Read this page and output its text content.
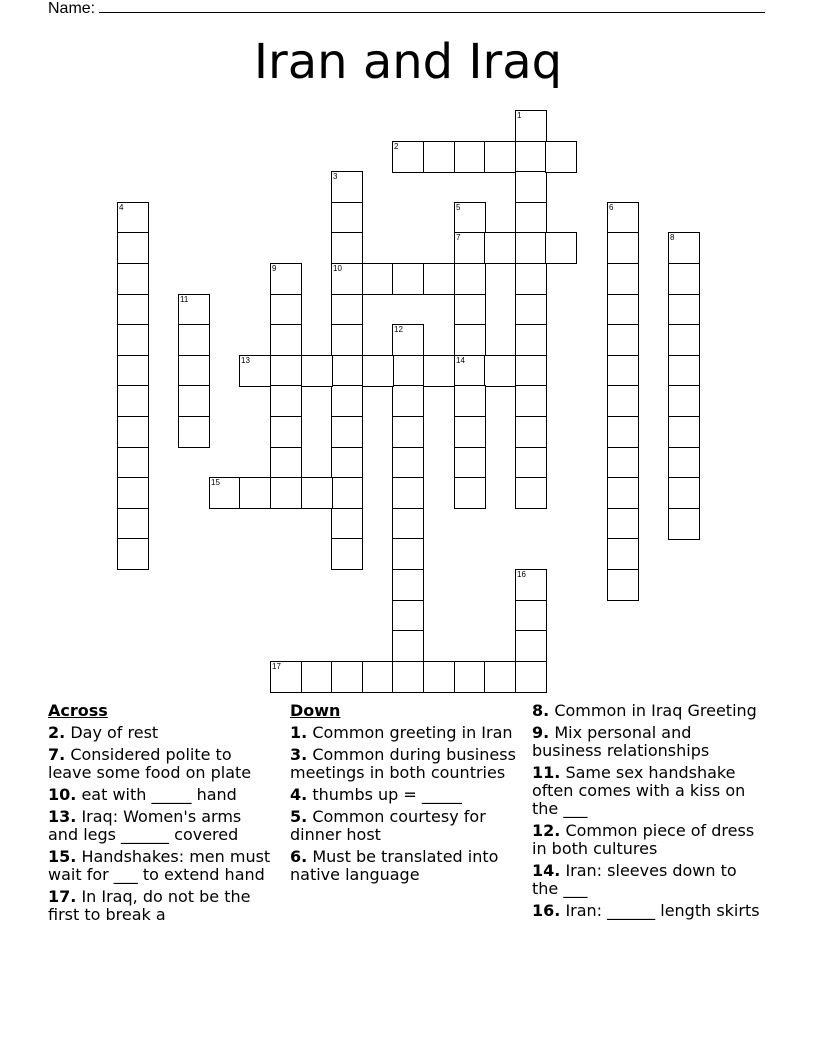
Name:
Iran and Iraq
1
2
3
10
4	5
7
6
8
9
11
12
13	14
15
16
17
Across
2. Day of rest
7. Considered polite to leave some food on plate
10. eat with _____ hand
13. Iraq: Women's arms and legs ______ covered
15. Handshakes: men must wait for ___ to extend hand
17. In Iraq, do not be the first to break a
Down
1. Common greeting in Iran
3. Common during business meetings in both countries
4. thumbs up = _____
5. Common courtesy for dinner host
6. Must be translated into native language
8. Common in Iraq Greeting
9. Mix personal and business relationships
11. Same sex handshake often comes with a kiss on the ___
12. Common piece of dress in both cultures
14. Iran: sleeves down to the ___
16. Iran: ______ length skirts
